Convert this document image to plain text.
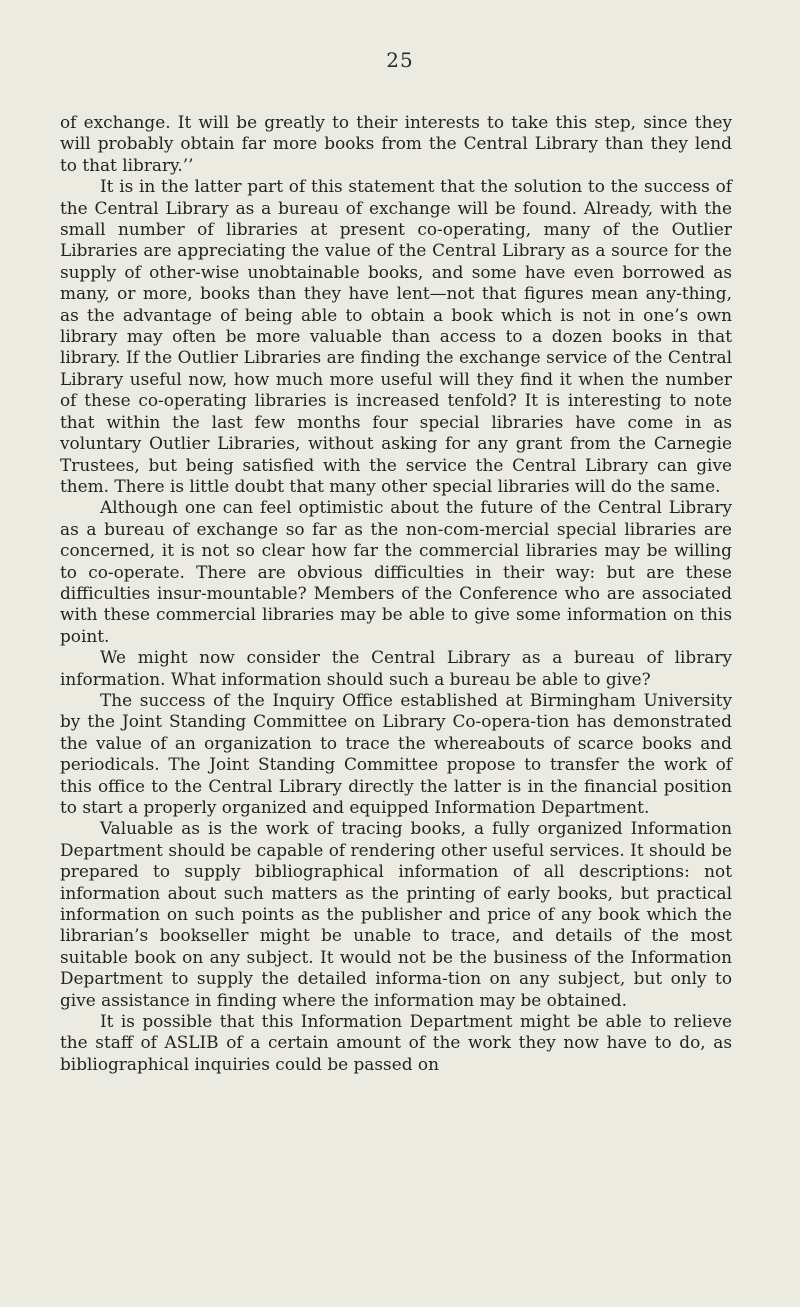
25

of exchange. It will be greatly to their interests to take this step, since they will probably obtain far more books from the Central Library than they lend to that library.’’

It is in the latter part of this statement that the solution to the success of the Central Library as a bureau of exchange will be found. Already, with the small number of libraries at present co-operating, many of the Outlier Libraries are appreciating the value of the Central Library as a source for the supply of other-wise unobtainable books, and some have even borrowed as many, or more, books than they have lent—not that figures mean any-thing, as the advantage of being able to obtain a book which is not in one’s own library may often be more valuable than access to a dozen books in that library. If the Outlier Libraries are finding the exchange service of the Central Library useful now, how much more useful will they find it when the number of these co-operating libraries is increased tenfold? It is interesting to note that within the last few months four special libraries have come in as voluntary Outlier Libraries, without asking for any grant from the Carnegie Trustees, but being satisfied with the service the Central Library can give them. There is little doubt that many other special libraries will do the same.

Although one can feel optimistic about the future of the Central Library as a bureau of exchange so far as the non-com-mercial special libraries are concerned, it is not so clear how far the commercial libraries may be willing to co-operate. There are obvious difficulties in their way: but are these difficulties insur-mountable? Members of the Conference who are associated with these commercial libraries may be able to give some information on this point.

We might now consider the Central Library as a bureau of library information. What information should such a bureau be able to give?

The success of the Inquiry Office established at Birmingham University by the Joint Standing Committee on Library Co-opera-tion has demonstrated the value of an organization to trace the whereabouts of scarce books and periodicals. The Joint Standing Committee propose to transfer the work of this office to the Central Library directly the latter is in the financial position to start a properly organized and equipped Information Department.

Valuable as is the work of tracing books, a fully organized Information Department should be capable of rendering other useful services. It should be prepared to supply bibliographical information of all descriptions: not information about such matters as the printing of early books, but practical information on such points as the publisher and price of any book which the librarian’s bookseller might be unable to trace, and details of the most suitable book on any subject. It would not be the business of the Information Department to supply the detailed informa-tion on any subject, but only to give assistance in finding where the information may be obtained.

It is possible that this Information Department might be able to relieve the staff of ASLIB of a certain amount of the work they now have to do, as bibliographical inquiries could be passed on
